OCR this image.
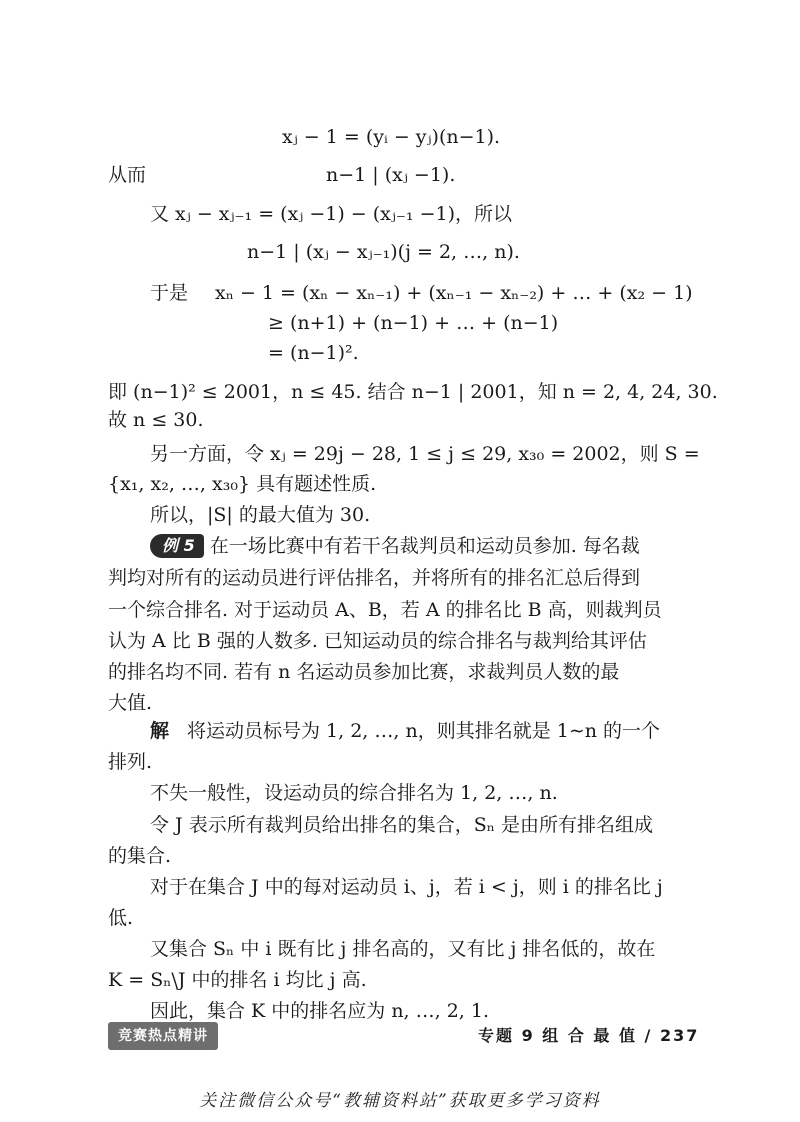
xⱼ − 1 = (yᵢ − yⱼ)(n−1).
从而	n−1 | (xⱼ −1).
又 xⱼ − xⱼ₋₁ = (xⱼ −1) − (xⱼ₋₁ −1)，所以
n−1 | (xⱼ − xⱼ₋₁)(j = 2, …, n).
于是 xₙ − 1 = (xₙ − xₙ₋₁) + (xₙ₋₁ − xₙ₋₂) + … + (x₂ − 1)
≥ (n+1) + (n−1) + … + (n−1)
= (n−1)².
即 (n−1)² ≤ 2001，n ≤ 45. 结合 n−1 | 2001，知 n = 2, 4, 24, 30.
故 n ≤ 30.
另一方面，令 xⱼ = 29j − 28, 1 ≤ j ≤ 29, x₃₀ = 2002，则 S =
{x₁, x₂, …, x₃₀} 具有题述性质.
所以，|S| 的最大值为 30.
例 5 在一场比赛中有若干名裁判员和运动员参加. 每名裁
判均对所有的运动员进行评估排名，并将所有的排名汇总后得到
一个综合排名. 对于运动员 A、B，若 A 的排名比 B 高，则裁判员
认为 A 比 B 强的人数多. 已知运动员的综合排名与裁判给其评估
的排名均不同. 若有 n 名运动员参加比赛，求裁判员人数的最
大值.
解 将运动员标号为 1, 2, …, n，则其排名就是 1∼n 的一个
排列.
不失一般性，设运动员的综合排名为 1, 2, …, n.
令 J 表示所有裁判员给出排名的集合，Sₙ 是由所有排名组成
的集合.
对于在集合 J 中的每对运动员 i、j，若 i < j，则 i 的排名比 j
低.
又集合 Sₙ 中 i 既有比 j 排名高的，又有比 j 排名低的，故在
K = Sₙ\J 中的排名 i 均比 j 高.
因此，集合 K 中的排名应为 n, …, 2, 1.
竞赛热点精讲	专题 9 组 合 最 值 / 237
关注微信公众号“教辅资料站”获取更多学习资料
